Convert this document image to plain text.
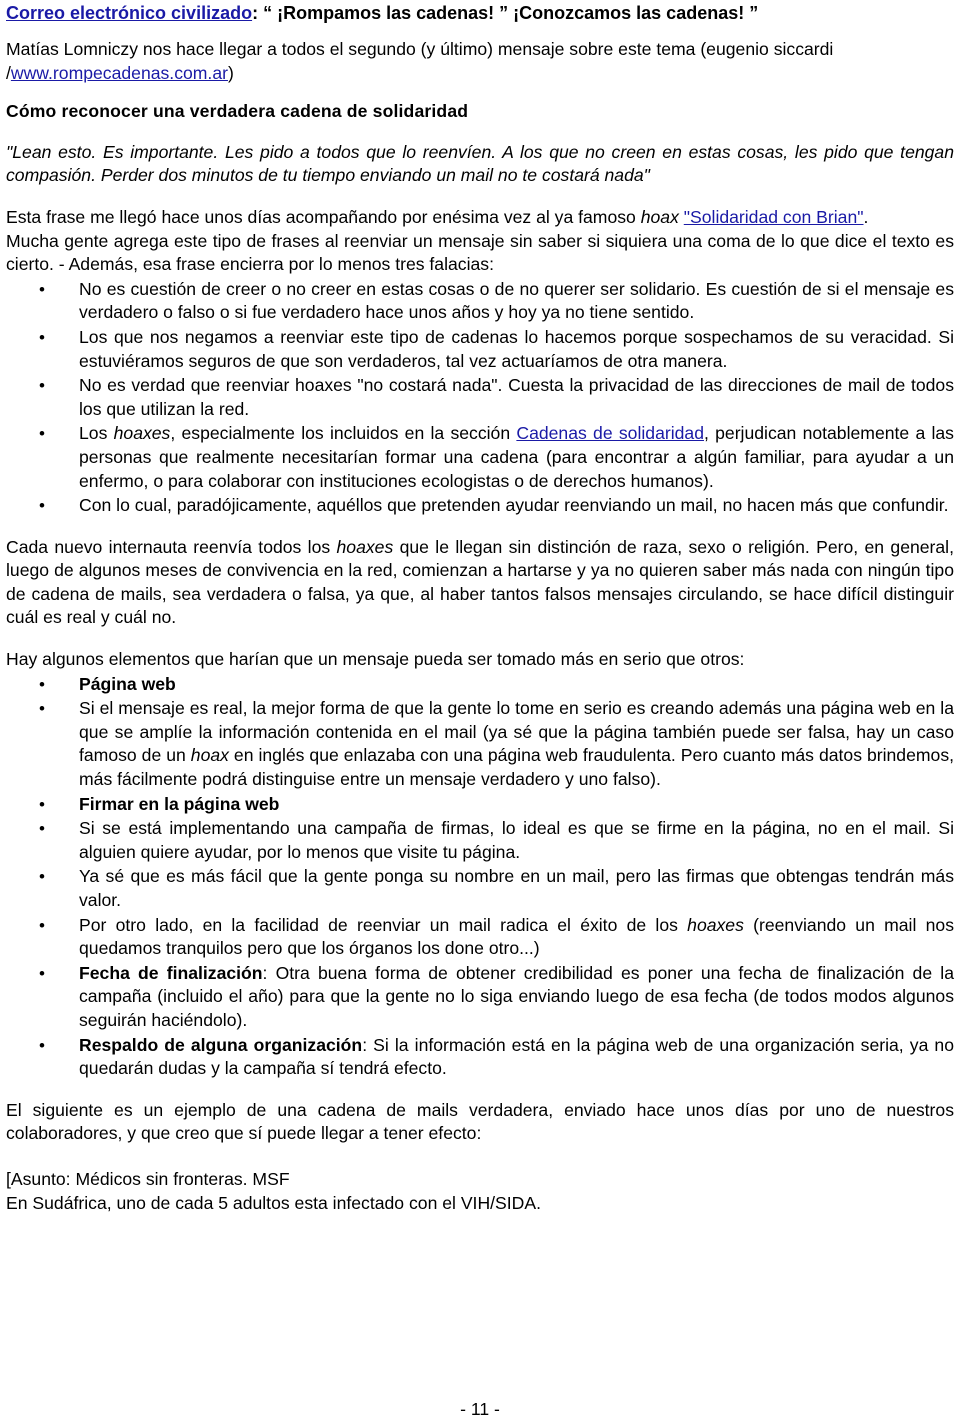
Correo electrónico civilizado: “ ¡Rompamos las cadenas! ” ¡Conozcamos las cadenas! ”

Matías Lomniczy nos hace llegar a todos el segundo (y último) mensaje sobre este tema (eugenio siccardi /www.rompecadenas.com.ar)

Cómo reconocer una verdadera cadena de solidaridad

"Lean esto. Es importante. Les pido a todos que lo reenvíen. A los que no creen en estas cosas, les pido que tengan compasión. Perder dos minutos de tu tiempo enviando un mail no te costará nada"

Esta frase me llegó hace unos días acompañando por enésima vez al ya famoso hoax "Solidaridad con Brian".

Mucha gente agrega este tipo de frases al reenviar un mensaje sin saber si siquiera una coma de lo que dice el texto es cierto. - Además, esa frase encierra por lo menos tres falacias:

• No es cuestión de creer o no creer en estas cosas o de no querer ser solidario. Es cuestión de si el mensaje es verdadero o falso o si fue verdadero hace unos años y hoy ya no tiene sentido.
• Los que nos negamos a reenviar este tipo de cadenas lo hacemos porque sospechamos de su veracidad. Si estuviéramos seguros de que son verdaderos, tal vez actuaríamos de otra manera.
• No es verdad que reenviar hoaxes "no costará nada". Cuesta la privacidad de las direcciones de mail de todos los que utilizan la red.
• Los hoaxes, especialmente los incluidos en la sección Cadenas de solidaridad, perjudican notablemente a las personas que realmente necesitarían formar una cadena (para encontrar a algún familiar, para ayudar a un enfermo, o para colaborar con instituciones ecologistas o de derechos humanos).
• Con lo cual, paradójicamente, aquéllos que pretenden ayudar reenviando un mail, no hacen más que confundir.

Cada nuevo internauta reenvía todos los hoaxes que le llegan sin distinción de raza, sexo o religión. Pero, en general, luego de algunos meses de convivencia en la red, comienzan a hartarse y ya no quieren saber más nada con ningún tipo de cadena de mails, sea verdadera o falsa, ya que, al haber tantos falsos mensajes circulando, se hace difícil distinguir cuál es real y cuál no.

Hay algunos elementos que harían que un mensaje pueda ser tomado más en serio que otros:

• Página web
• Si el mensaje es real, la mejor forma de que la gente lo tome en serio es creando además una página web en la que se amplíe la información contenida en el mail (ya sé que la página también puede ser falsa, hay un caso famoso de un hoax en inglés que enlazaba con una página web fraudulenta. Pero cuanto más datos brindemos, más fácilmente podrá distinguise entre un mensaje verdadero y uno falso).
• Firmar en la página web
• Si se está implementando una campaña de firmas, lo ideal es que se firme en la página, no en el mail. Si alguien quiere ayudar, por lo menos que visite tu página.
• Ya sé que es más fácil que la gente ponga su nombre en un mail, pero las firmas que obtengas tendrán más valor.
• Por otro lado, en la facilidad de reenviar un mail radica el éxito de los hoaxes (reenviando un mail nos quedamos tranquilos pero que los órganos los done otro...)
• Fecha de finalización: Otra buena forma de obtener credibilidad es poner una fecha de finalización de la campaña (incluido el año) para que la gente no lo siga enviando luego de esa fecha (de todos modos algunos seguirán haciéndolo).
• Respaldo de alguna organización: Si la información está en la página web de una organización seria, ya no quedarán dudas y la campaña sí tendrá efecto.

El siguiente es un ejemplo de una cadena de mails verdadera, enviado hace unos días por uno de nuestros colaboradores, y que creo que sí puede llegar a tener efecto:

[Asunto: Médicos sin fronteras. MSF

En Sudáfrica, uno de cada 5 adultos esta infectado con el VIH/SIDA.

- 11 -
